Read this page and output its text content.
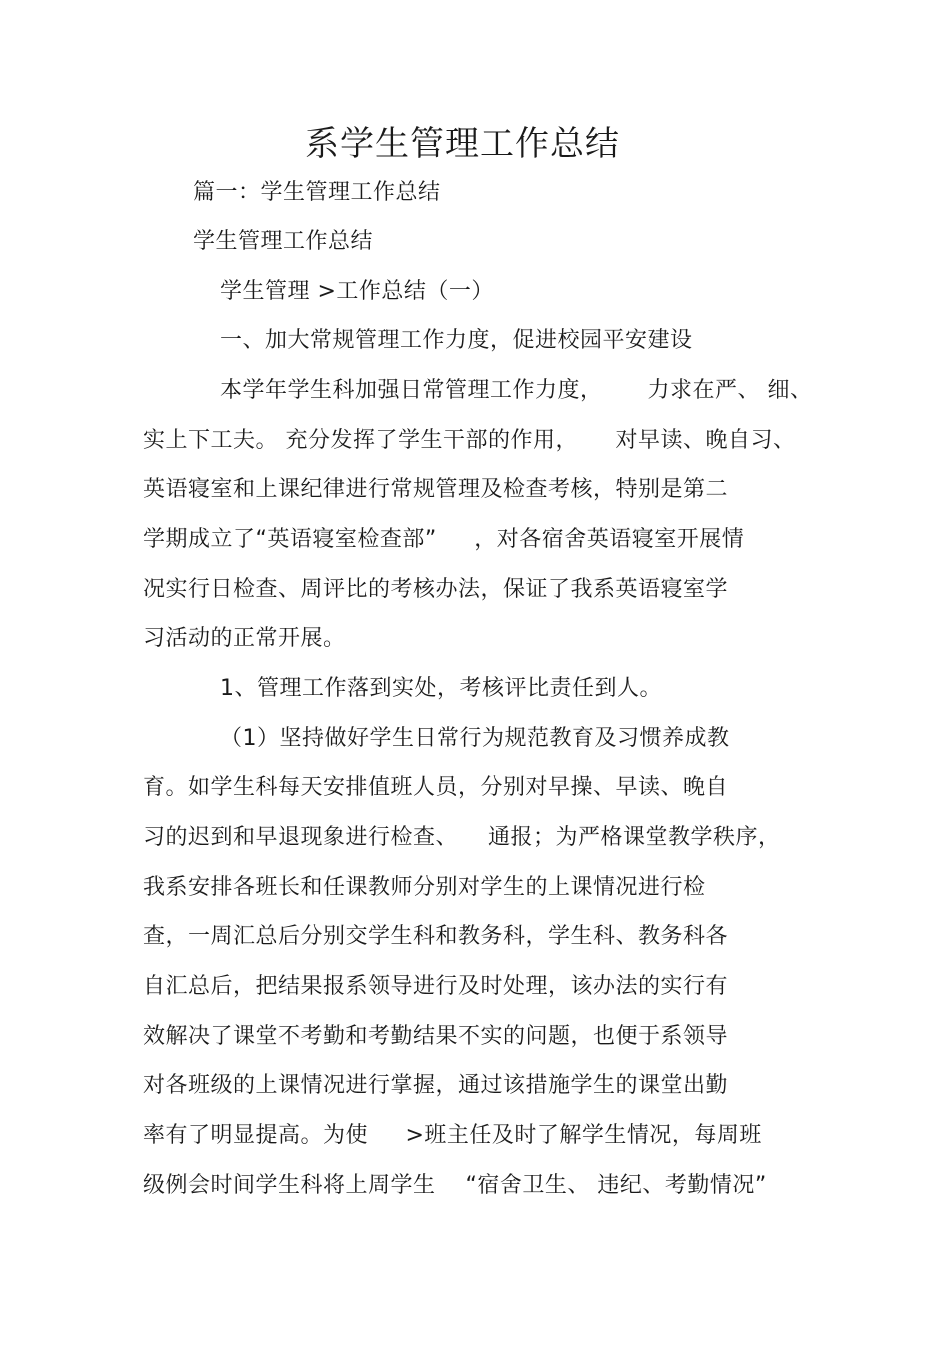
系学生管理工作总结
篇一：学生管理工作总结
学生管理工作总结
学生管理 >工作总结（一）
一、加大常规管理工作力度，促进校园平安建设
本学年学生科加强日常管理工作力度，      力求在严、 细、
实上下工夫。 充分发挥了学生干部的作用，     对早读、晚自习、
英语寝室和上课纪律进行常规管理及检查考核，特别是第二
学期成立了“英语寝室检查部”     ，对各宿舍英语寝室开展情
况实行日检查、周评比的考核办法，保证了我系英语寝室学
习活动的正常开展。
1、管理工作落到实处，考核评比责任到人。
（1）坚持做好学生日常行为规范教育及习惯养成教
育。如学生科每天安排值班人员，分别对早操、早读、晚自
习的迟到和早退现象进行检查、    通报；为严格课堂教学秩序，
我系安排各班长和任课教师分别对学生的上课情况进行检
查，一周汇总后分别交学生科和教务科，学生科、教务科各
自汇总后，把结果报系领导进行及时处理，该办法的实行有
效解决了课堂不考勤和考勤结果不实的问题，也便于系领导
对各班级的上课情况进行掌握，通过该措施学生的课堂出勤
率有了明显提高。为使     >班主任及时了解学生情况，每周班
级例会时间学生科将上周学生    “宿舍卫生、 违纪、考勤情况”
